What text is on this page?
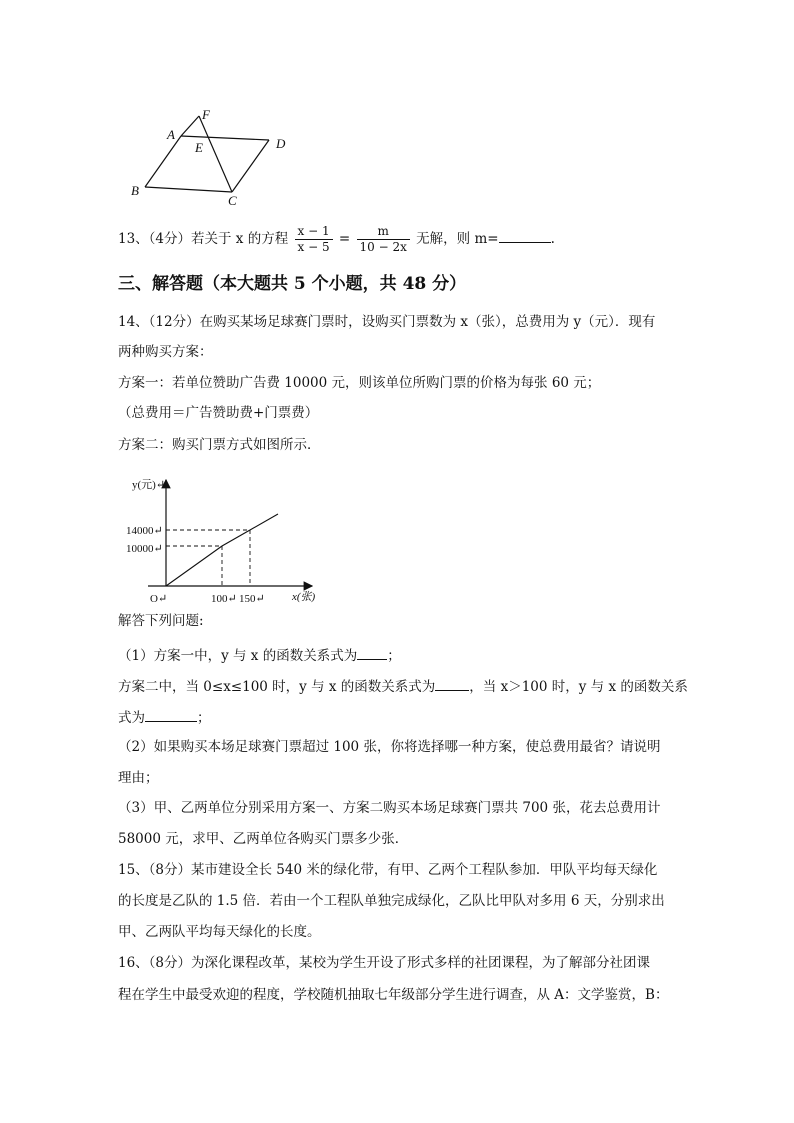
A
B
C
D
E
F
13、（4分）若关于 x 的方程 $\frac{x - 1}{x - 5} = \frac{m}{10 - 2x}$ 无解，则 m=	.
三、解答题（本大题共 5 个小题，共 48 分）
14、（12分）在购买某场足球赛门票时，设购买门票数为 x（张），总费用为 y（元）．现有
两种购买方案：
方案一：若单位赞助广告费 10000 元，则该单位所购门票的价格为每张 60 元；
（总费用＝广告赞助费+门票费）
方案二：购买门票方式如图所示．
y(元)↵
x(张)
O↵
14000↵
10000↵
100↵ 150↵
解答下列问题:
（1）方案一中，y 与 x 的函数关系式为 ；
方案二中，当 0≤x≤100 时，y 与 x 的函数关系式为	，当 x＞100 时，y 与 x 的函数关系
式为	；
（2）如果购买本场足球赛门票超过 100 张，你将选择哪一种方案，使总费用最省？请说明
理由；
（3）甲、乙两单位分别采用方案一、方案二购买本场足球赛门票共 700 张，花去总费用计
58000 元，求甲、乙两单位各购买门票多少张．
15、（8分）某市建设全长 540 米的绿化带，有甲、乙两个工程队参加．甲队平均每天绿化
的长度是乙队的 1.5 倍．若由一个工程队单独完成绿化，乙队比甲队对多用 6 天，分别求出
甲、乙两队平均每天绿化的长度。
16、（8分）为深化课程改革，某校为学生开设了形式多样的社团课程，为了解部分社团课
程在学生中最受欢迎的程度，学校随机抽取七年级部分学生进行调查，从 A：文学鉴赏，B：
